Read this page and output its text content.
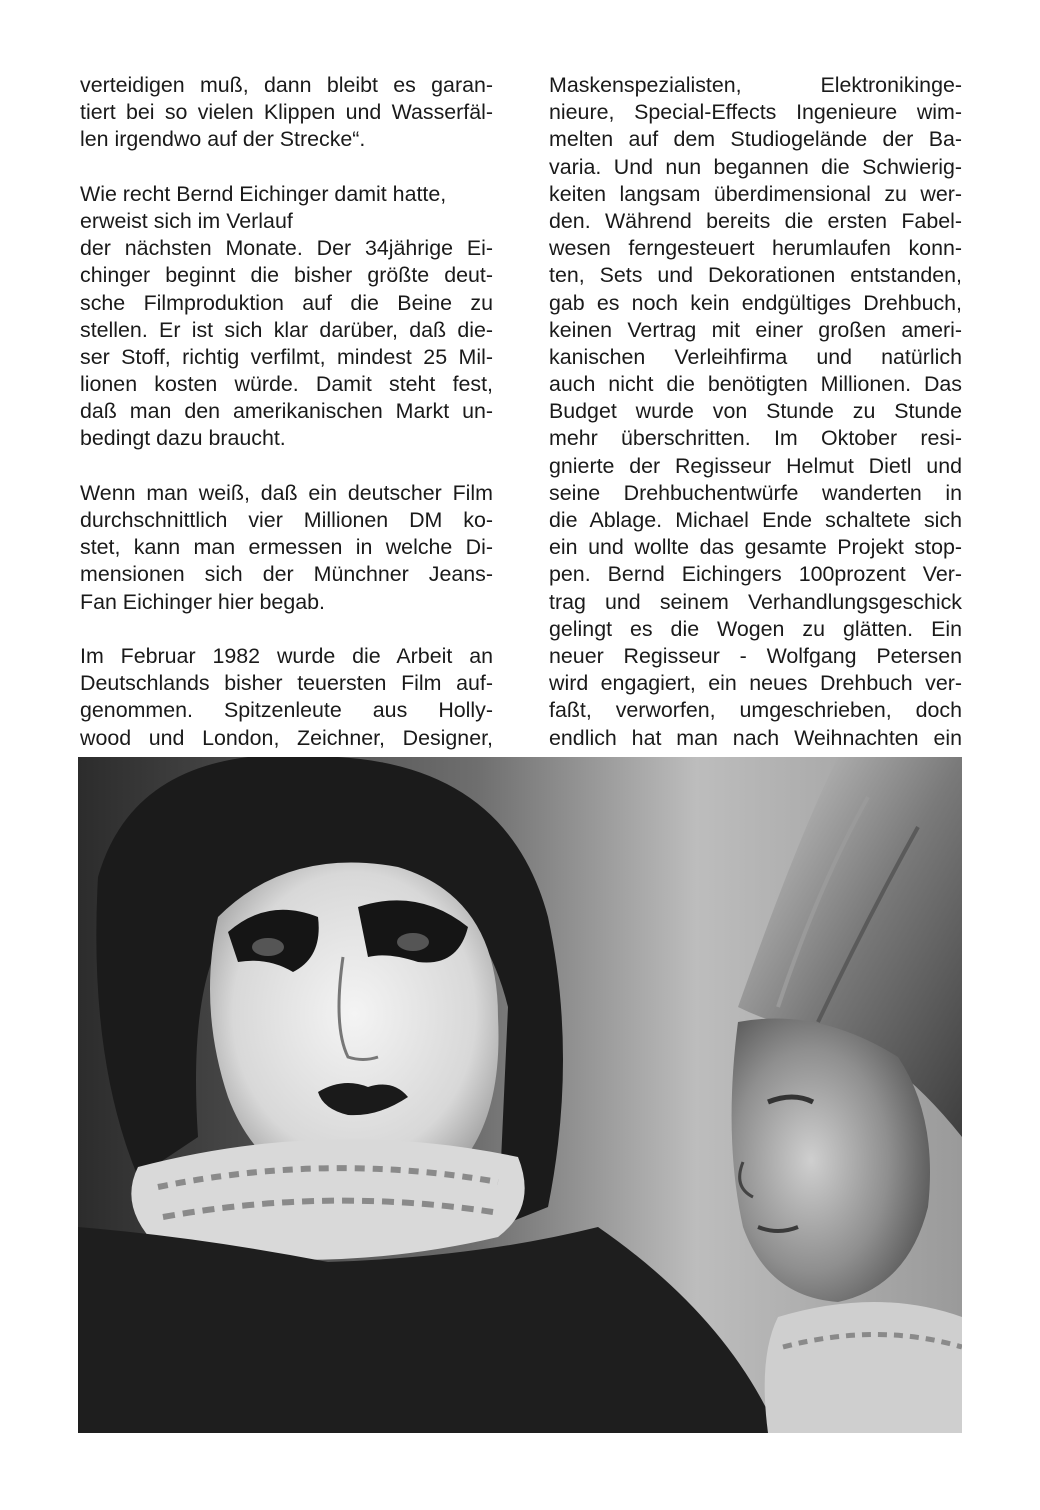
verteidigen muß, dann bleibt es garan-
tiert bei so vielen Klippen und Wasserfäl-
len irgendwo auf der Strecke“.
Wie recht Bernd Eichinger damit hatte,
erweist sich im Verlauf
der nächsten Monate. Der 34jährige Ei-
chinger beginnt die bisher größte deut-
sche Filmproduktion auf die Beine zu
stellen. Er ist sich klar darüber, daß die-
ser Stoff, richtig verfilmt, mindest 25 Mil-
lionen kosten würde. Damit steht fest,
daß man den amerikanischen Markt un-
bedingt dazu braucht.
Wenn man weiß, daß ein deutscher Film
durchschnittlich vier Millionen DM ko-
stet, kann man ermessen in welche Di-
mensionen sich der Münchner Jeans-
Fan Eichinger hier begab.
Im Februar 1982 wurde die Arbeit an
Deutschlands bisher teuersten Film auf-
genommen. Spitzenleute aus Holly-
wood und London, Zeichner, Designer,
Maskenspezialisten, Elektronikinge-
nieure, Special-Effects Ingenieure wim-
melten auf dem Studiogelände der Ba-
varia. Und nun begannen die Schwierig-
keiten langsam überdimensional zu wer-
den. Während bereits die ersten Fabel-
wesen ferngesteuert herumlaufen konn-
ten, Sets und Dekorationen entstanden,
gab es noch kein endgültiges Drehbuch,
keinen Vertrag mit einer großen ameri-
kanischen Verleihfirma und natürlich
auch nicht die benötigten Millionen. Das
Budget wurde von Stunde zu Stunde
mehr überschritten. Im Oktober resi-
gnierte der Regisseur Helmut Dietl und
seine Drehbuchentwürfe wanderten in
die Ablage. Michael Ende schaltete sich
ein und wollte das gesamte Projekt stop-
pen. Bernd Eichingers 100prozent Ver-
trag und seinem Verhandlungsgeschick
gelingt es die Wogen zu glätten. Ein
neuer Regisseur - Wolfgang Petersen
wird engagiert, ein neues Drehbuch ver-
faßt, verworfen, umgeschrieben, doch
endlich hat man nach Weihnachten ein
